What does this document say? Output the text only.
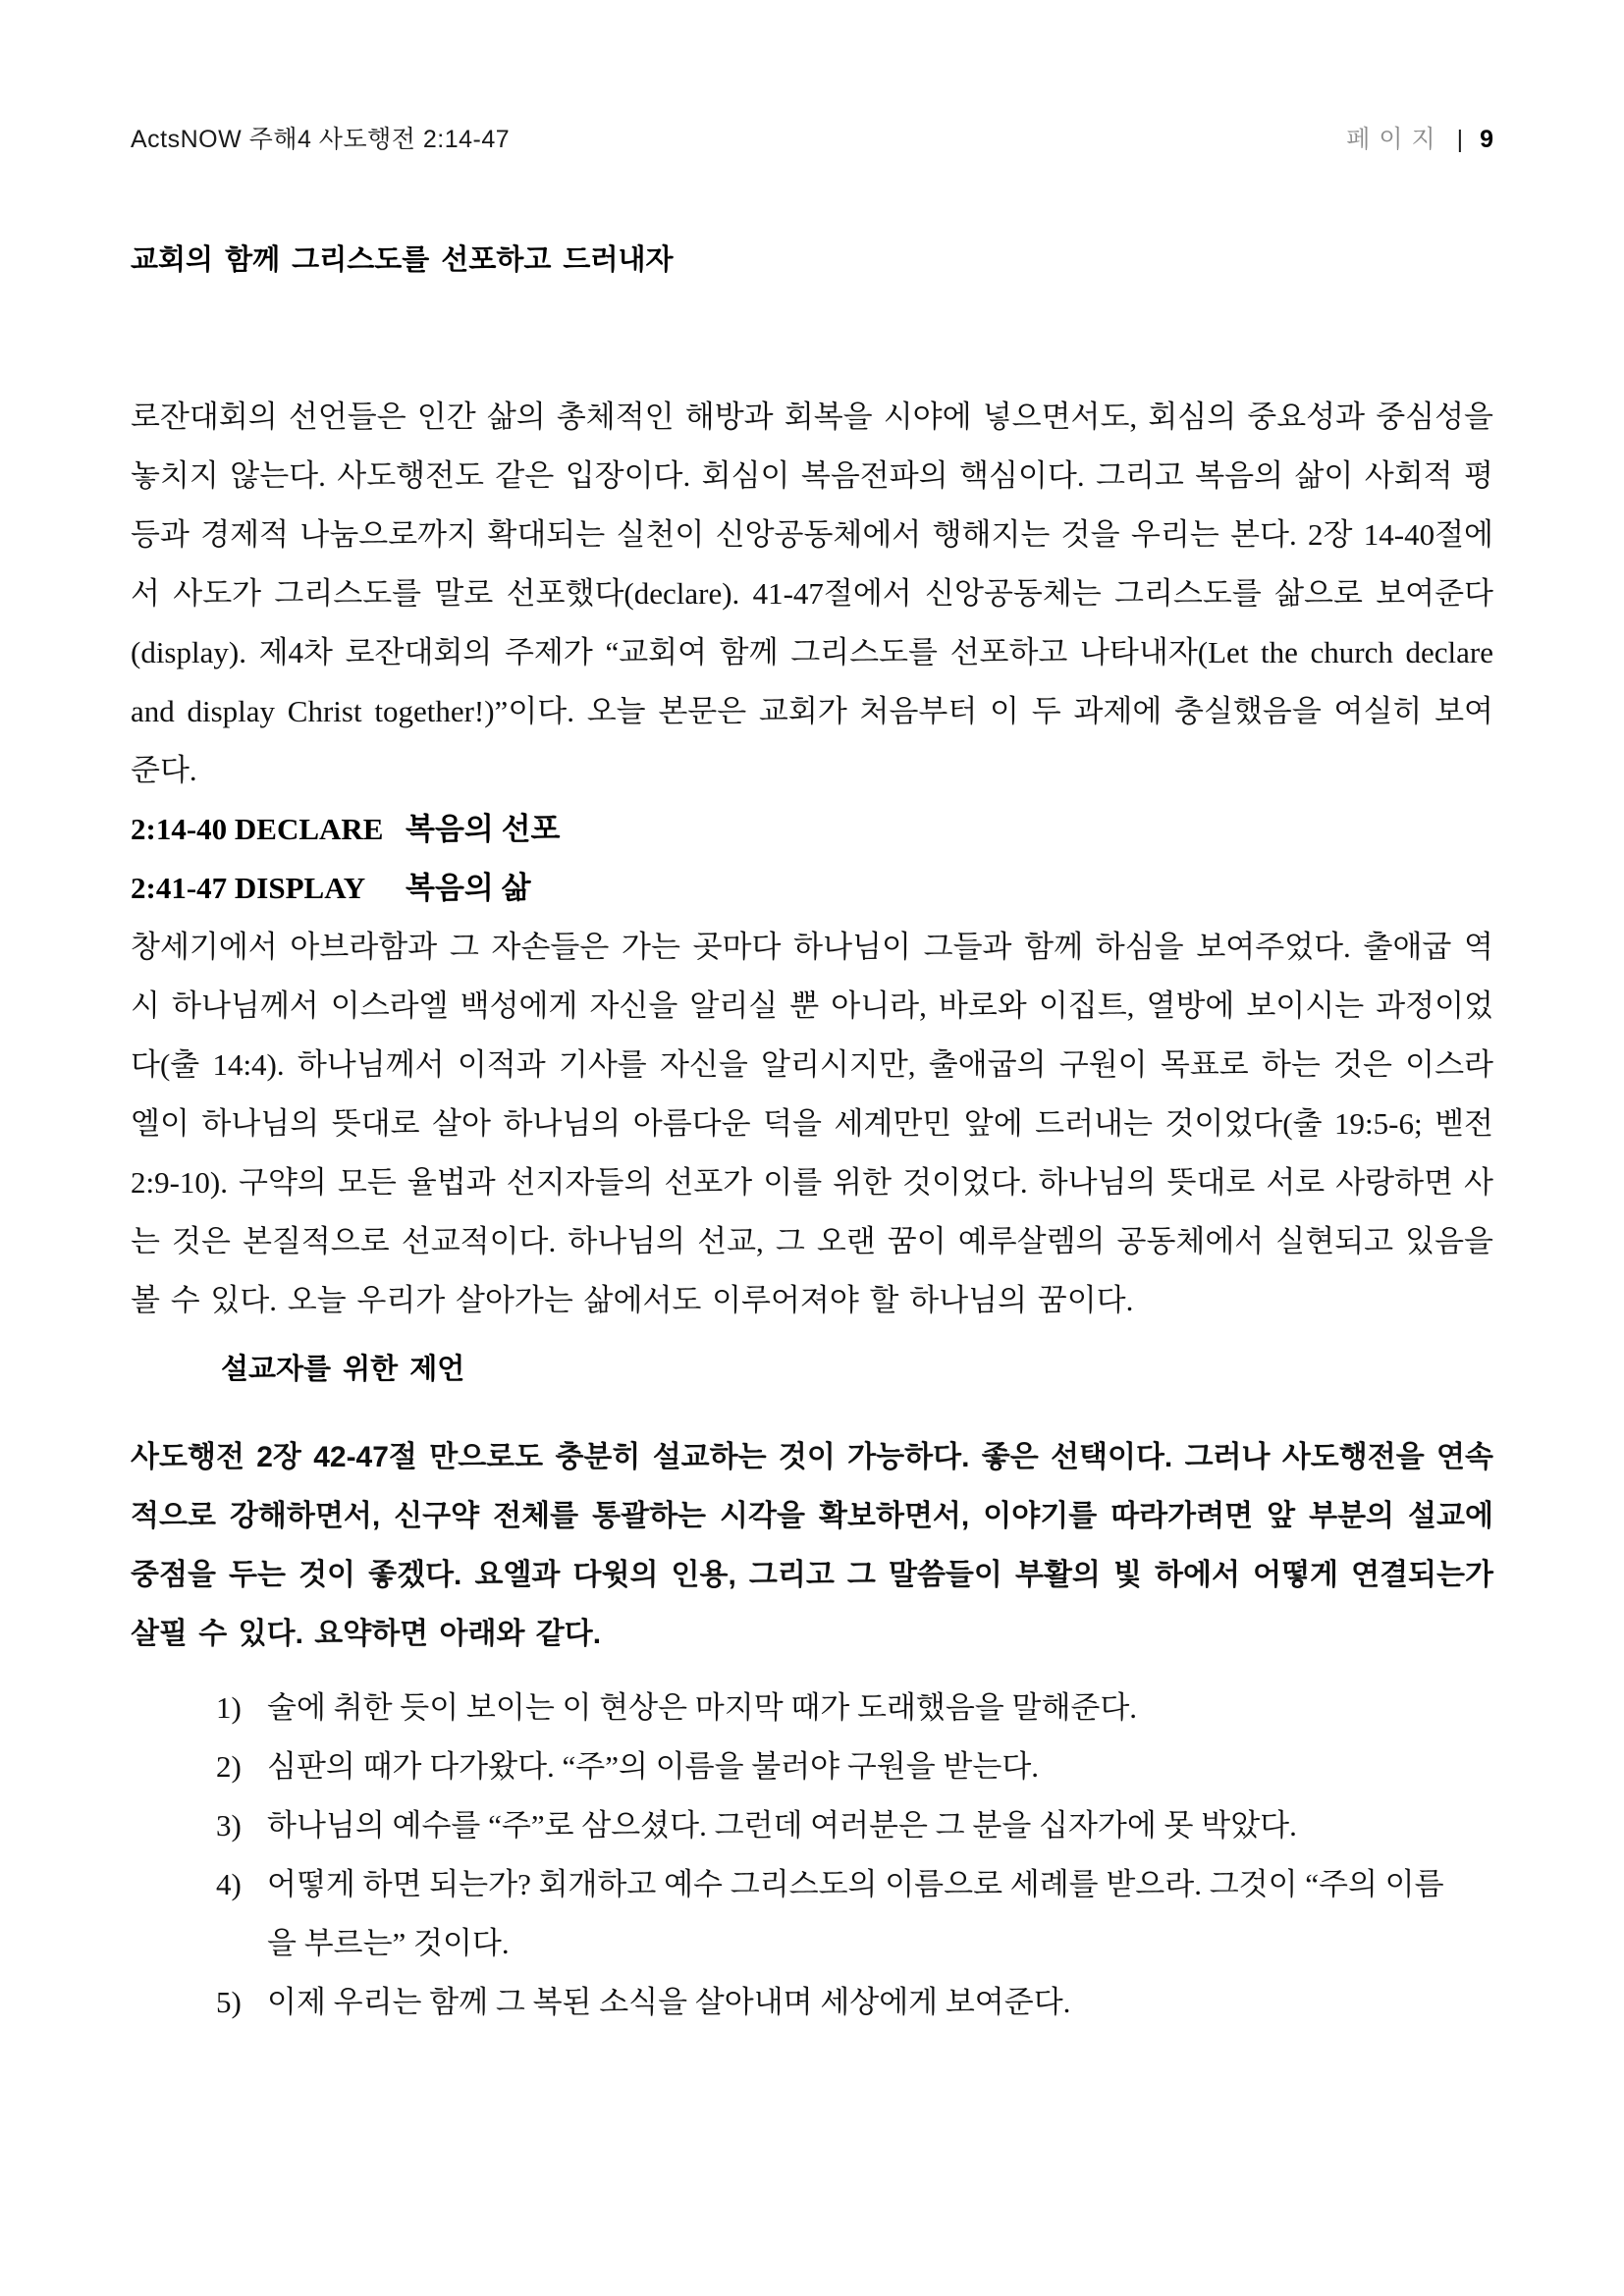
ActsNOW 주해4 사도행전 2:14-47	페이지 | 9
교회의 함께 그리스도를 선포하고 드러내자

로잔대회의 선언들은 인간 삶의 총체적인 해방과 회복을 시야에 넣으면서도, 회심의 중요성과 중심성을 놓치지 않는다. 사도행전도 같은 입장이다. 회심이 복음전파의 핵심이다. 그리고 복음의 삶이 사회적 평등과 경제적 나눔으로까지 확대되는 실천이 신앙공동체에서 행해지는 것을 우리는 본다. 2장 14-40절에서 사도가 그리스도를 말로 선포했다(declare). 41-47절에서 신앙공동체는 그리스도를 삶으로 보여준다(display). 제4차 로잔대회의 주제가 “교회여 함께 그리스도를 선포하고 나타내자(Let the church declare and display Christ together!)”이다. 오늘 본문은 교회가 처음부터 이 두 과제에 충실했음을 여실히 보여준다.

2:14-40 DECLARE 복음의 선포
2:41-47 DISPLAY 복음의 삶

창세기에서 아브라함과 그 자손들은 가는 곳마다 하나님이 그들과 함께 하심을 보여주었다. 출애굽 역시 하나님께서 이스라엘 백성에게 자신을 알리실 뿐 아니라, 바로와 이집트, 열방에 보이시는 과정이었다(출 14:4). 하나님께서 이적과 기사를 자신을 알리시지만, 출애굽의 구원이 목표로 하는 것은 이스라엘이 하나님의 뜻대로 살아 하나님의 아름다운 덕을 세계만민 앞에 드러내는 것이었다(출 19:5-6; 벧전 2:9-10). 구약의 모든 율법과 선지자들의 선포가 이를 위한 것이었다. 하나님의 뜻대로 서로 사랑하면 사는 것은 본질적으로 선교적이다. 하나님의 선교, 그 오랜 꿈이 예루살렘의 공동체에서 실현되고 있음을 볼 수 있다. 오늘 우리가 살아가는 삶에서도 이루어져야 할 하나님의 꿈이다.

설교자를 위한 제언

사도행전 2장 42-47절 만으로도 충분히 설교하는 것이 가능하다. 좋은 선택이다. 그러나 사도행전을 연속적으로 강해하면서, 신구약 전체를 통괄하는 시각을 확보하면서, 이야기를 따라가려면 앞 부분의 설교에 중점을 두는 것이 좋겠다. 요엘과 다윗의 인용, 그리고 그 말씀들이 부활의 빛 하에서 어떻게 연결되는가 살필 수 있다. 요약하면 아래와 같다.

1) 술에 취한 듯이 보이는 이 현상은 마지막 때가 도래했음을 말해준다.
2) 심판의 때가 다가왔다. “주”의 이름을 불러야 구원을 받는다.
3) 하나님의 예수를 “주”로 삼으셨다. 그런데 여러분은 그 분을 십자가에 못 박았다.
4) 어떻게 하면 되는가? 회개하고 예수 그리스도의 이름으로 세례를 받으라. 그것이 “주의 이름을 부르는” 것이다.
5) 이제 우리는 함께 그 복된 소식을 살아내며 세상에게 보여준다.
